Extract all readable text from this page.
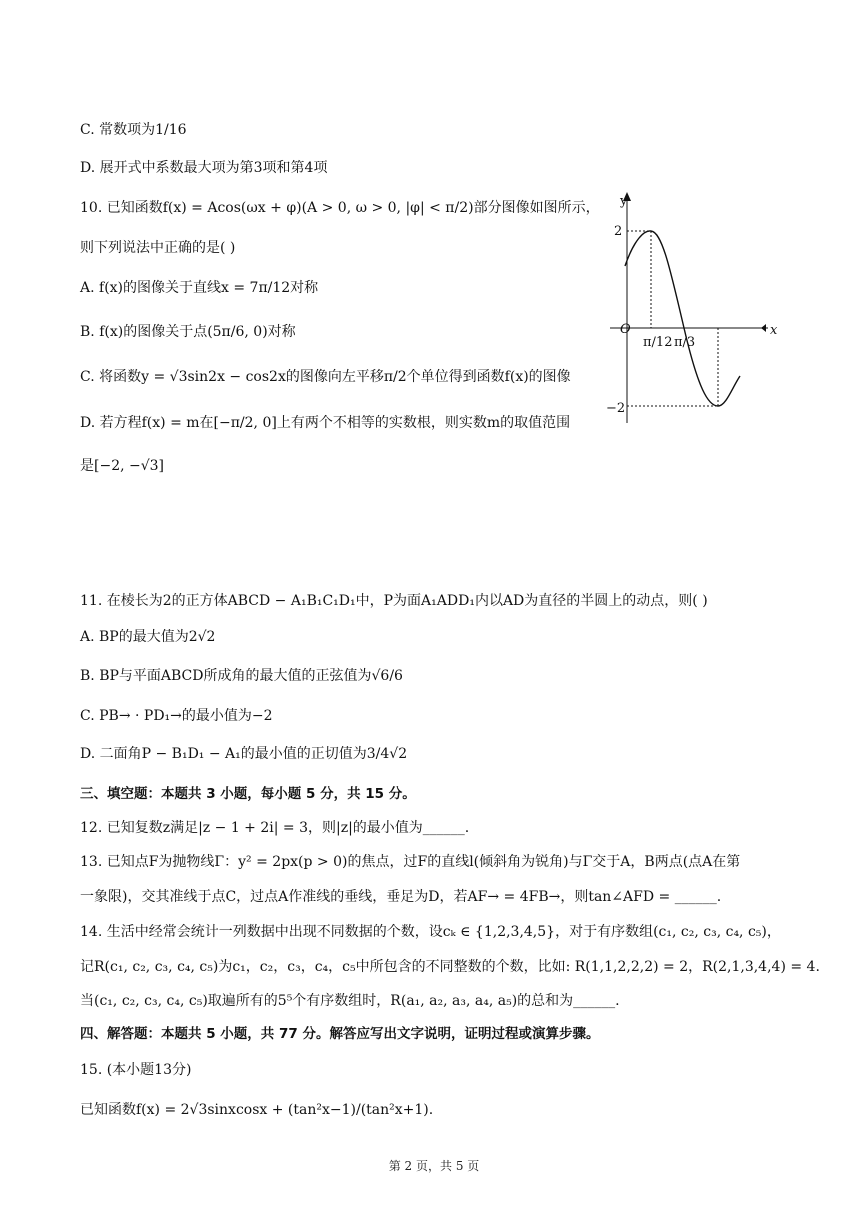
C. 常数项为1/16
D. 展开式中系数最大项为第3项和第4项
10. 已知函数f(x) = Acos(ωx + φ)(A > 0, ω > 0, |φ| < π/2)部分图像如图所示，
则下列说法中正确的是( )
A. f(x)的图像关于直线x = 7π/12对称
B. f(x)的图像关于点(5π/6, 0)对称
C. 将函数y = √3sin2x − cos2x的图像向左平移π/2个单位得到函数f(x)的图像
D. 若方程f(x) = m在[−π/2, 0]上有两个不相等的实数根，则实数m的取值范围
是[−2, −√3]
y
x
O
2
−2
π/12 π/3
11. 在棱长为2的正方体ABCD − A₁B₁C₁D₁中，P为面A₁ADD₁内以AD为直径的半圆上的动点，则( )
A. BP的最大值为2√2
B. BP与平面ABCD所成角的最大值的正弦值为√6/6
C. PB→ · PD₁→的最小值为−2
D. 二面角P − B₁D₁ − A₁的最小值的正切值为3/4√2
三、填空题：本题共 3 小题，每小题 5 分，共 15 分。
12. 已知复数z满足|z − 1 + 2i| = 3，则|z|的最小值为______.
13. 已知点F为抛物线Γ：y² = 2px(p > 0)的焦点，过F的直线l(倾斜角为锐角)与Γ交于A，B两点(点A在第
一象限)，交其准线于点C，过点A作准线的垂线，垂足为D，若AF→ = 4FB→，则tan∠AFD = ______.
14. 生活中经常会统计一列数据中出现不同数据的个数，设cₖ ∈ {1,2,3,4,5}，对于有序数组(c₁, c₂, c₃, c₄, c₅)，
记R(c₁, c₂, c₃, c₄, c₅)为c₁，c₂，c₃，c₄，c₅中所包含的不同整数的个数，比如: R(1,1,2,2,2) = 2，R(2,1,3,4,4) = 4.
当(c₁, c₂, c₃, c₄, c₅)取遍所有的5⁵个有序数组时，R(a₁, a₂, a₃, a₄, a₅)的总和为______.
四、解答题：本题共 5 小题，共 77 分。解答应写出文字说明，证明过程或演算步骤。
15. (本小题13分)
已知函数f(x) = 2√3sinxcosx + (tan²x−1)/(tan²x+1).
第 2 页，共 5 页
